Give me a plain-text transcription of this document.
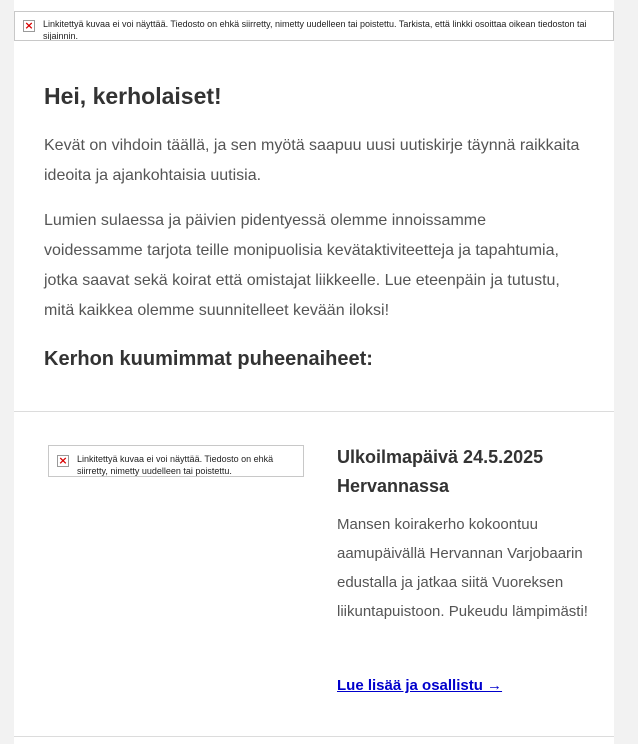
× Linkitettyä kuvaa ei voi näyttää. Tiedosto on ehkä siirretty, nimetty uudelleen tai poistettu. Tarkista, että linkki osoittaa oikean tiedoston tai sijainnin.
Hei, kerholaiset!

Kevät on vihdoin täällä, ja sen myötä saapuu uusi uutiskirje täynnä raikkaita ideoita ja ajankohtaisia uutisia.

Lumien sulaessa ja päivien pidentyessä olemme innoissamme voidessamme tarjota teille monipuolisia kevätaktiviteetteja ja tapahtumia, jotka saavat sekä koirat että omistajat liikkeelle. Lue eteenpäin ja tutustu, mitä kaikkea olemme suunnitelleet kevään iloksi!

Kerhon kuumimmat puheenaiheet:
× Linkitettyä kuvaa ei voi näyttää. Tiedosto on ehkä siirretty, nimetty uudelleen tai poistettu.
Ulkoilmapäivä 24.5.2025 Hervannassa

Mansen koirakerho kokoontuu aamupäivällä Hervannan Varjobaarin edustalla ja jatkaa siitä Vuoreksen liikuntapuistoon. Pukeudu lämpimästi!

Lue lisää ja osallistu →
